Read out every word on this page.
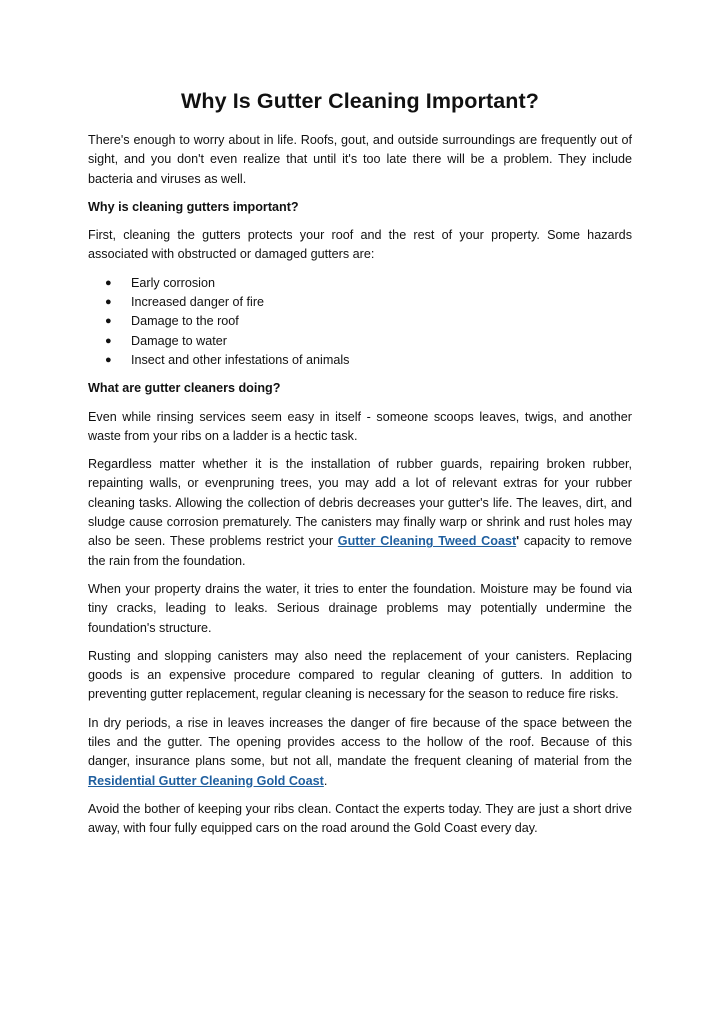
Why Is Gutter Cleaning Important?

There's enough to worry about in life. Roofs, gout, and outside surroundings are frequently out of sight, and you don't even realize that until it's too late there will be a problem. They include bacteria and viruses as well.

Why is cleaning gutters important?

First, cleaning the gutters protects your roof and the rest of your property. Some hazards associated with obstructed or damaged gutters are:

● Early corrosion
● Increased danger of fire
● Damage to the roof
● Damage to water
● Insect and other infestations of animals

What are gutter cleaners doing?

Even while rinsing services seem easy in itself - someone scoops leaves, twigs, and another waste from your ribs on a ladder is a hectic task.

Regardless matter whether it is the installation of rubber guards, repairing broken rubber, repainting walls, or evenpruning trees, you may add a lot of relevant extras for your rubber cleaning tasks. Allowing the collection of debris decreases your gutter's life. The leaves, dirt, and sludge cause corrosion prematurely. The canisters may finally warp or shrink and rust holes may also be seen. These problems restrict your Gutter Cleaning Tweed Coast' capacity to remove the rain from the foundation.

When your property drains the water, it tries to enter the foundation. Moisture may be found via tiny cracks, leading to leaks. Serious drainage problems may potentially undermine the foundation's structure.

Rusting and slopping canisters may also need the replacement of your canisters. Replacing goods is an expensive procedure compared to regular cleaning of gutters. In addition to preventing gutter replacement, regular cleaning is necessary for the season to reduce fire risks.

In dry periods, a rise in leaves increases the danger of fire because of the space between the tiles and the gutter. The opening provides access to the hollow of the roof. Because of this danger, insurance plans some, but not all, mandate the frequent cleaning of material from the Residential Gutter Cleaning Gold Coast.

Avoid the bother of keeping your ribs clean. Contact the experts today. They are just a short drive away, with four fully equipped cars on the road around the Gold Coast every day.
